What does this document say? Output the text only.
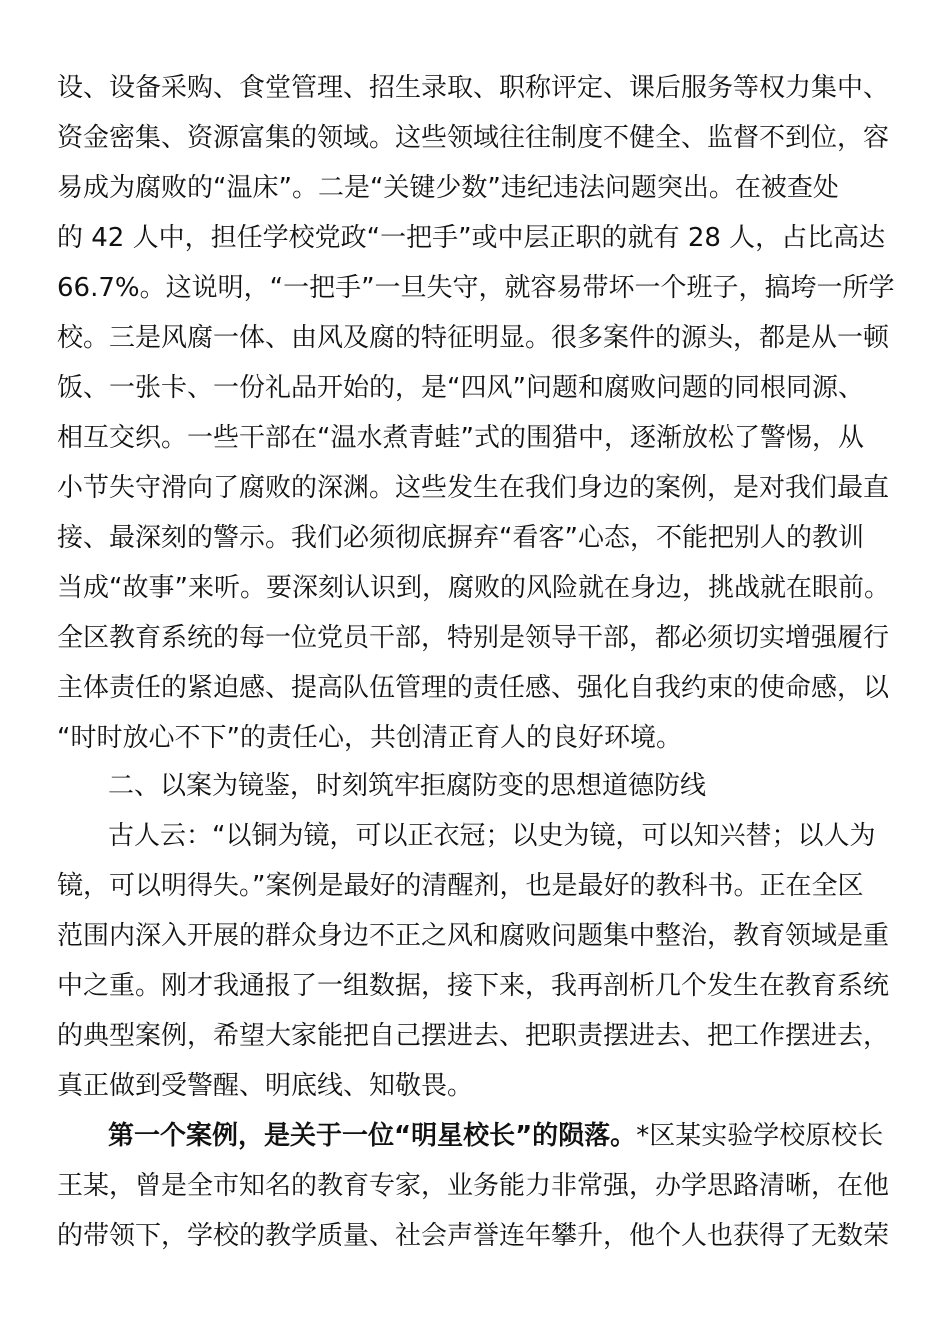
设、设备采购、食堂管理、招生录取、职称评定、课后服务等权力集中、
资金密集、资源富集的领域。这些领域往往制度不健全、监督不到位，容
易成为腐败的“温床”。二是“关键少数”违纪违法问题突出。在被查处
的 42 人中，担任学校党政“一把手”或中层正职的就有 28 人，占比高达
66.7%。这说明，“一把手”一旦失守，就容易带坏一个班子，搞垮一所学
校。三是风腐一体、由风及腐的特征明显。很多案件的源头，都是从一顿
饭、一张卡、一份礼品开始的，是“四风”问题和腐败问题的同根同源、
相互交织。一些干部在“温水煮青蛙”式的围猎中，逐渐放松了警惕，从
小节失守滑向了腐败的深渊。这些发生在我们身边的案例，是对我们最直
接、最深刻的警示。我们必须彻底摒弃“看客”心态，不能把别人的教训
当成“故事”来听。要深刻认识到，腐败的风险就在身边，挑战就在眼前。
全区教育系统的每一位党员干部，特别是领导干部，都必须切实增强履行
主体责任的紧迫感、提高队伍管理的责任感、强化自我约束的使命感，以
“时时放心不下”的责任心，共创清正育人的良好环境。
二、以案为镜鉴，时刻筑牢拒腐防变的思想道德防线
古人云：“以铜为镜，可以正衣冠；以史为镜，可以知兴替；以人为
镜，可以明得失。”案例是最好的清醒剂，也是最好的教科书。正在全区
范围内深入开展的群众身边不正之风和腐败问题集中整治，教育领域是重
中之重。刚才我通报了一组数据，接下来，我再剖析几个发生在教育系统
的典型案例，希望大家能把自己摆进去、把职责摆进去、把工作摆进去，
真正做到受警醒、明底线、知敬畏。
第一个案例，是关于一位“明星校长”的陨落。*区某实验学校原校长
王某，曾是全市知名的教育专家，业务能力非常强，办学思路清晰，在他
的带领下，学校的教学质量、社会声誉连年攀升，他个人也获得了无数荣
